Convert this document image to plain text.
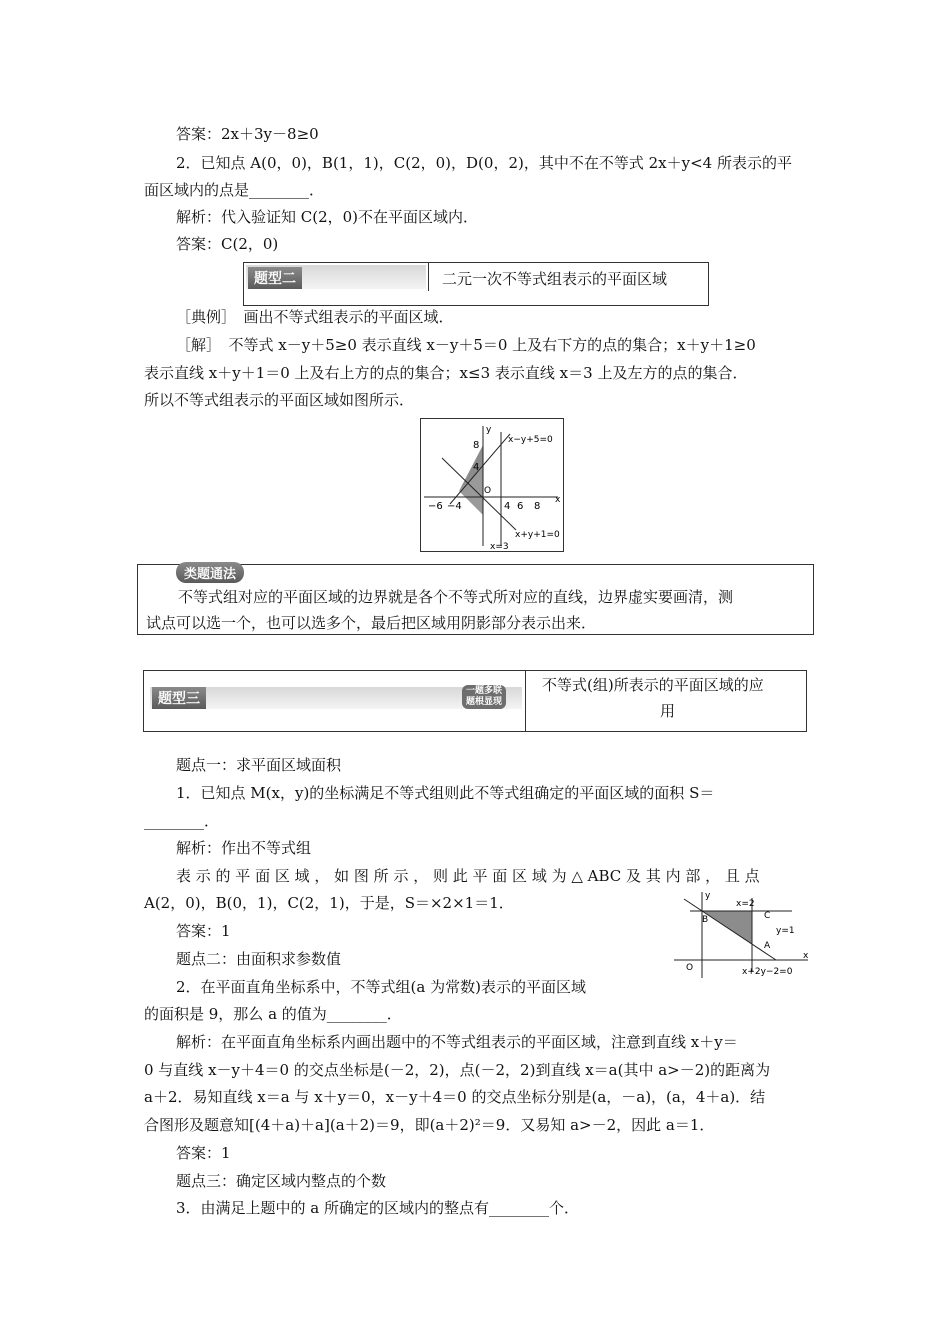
答案：2x＋3y－8≥0
2．已知点 A(0，0)，B(1，1)，C(2，0)，D(0，2)，其中不在不等式 2x＋y<4 所表示的平
面区域内的点是________．
解析：代入验证知 C(2，0)不在平面区域内．
答案：C(2，0)
题型二	二元一次不等式组表示的平面区域
［典例］　画出不等式组表示的平面区域．
［解］　不等式 x－y＋5≥0 表示直线 x－y＋5＝0 上及右下方的点的集合；x＋y＋1≥0
表示直线 x＋y＋1＝0 上及右上方的点的集合；x≤3 表示直线 x＝3 上及左方的点的集合．
所以不等式组表示的平面区域如图所示．
y
x
O
8
4
−6 −4	4 6 8
x−y+5=0
x+y+1=0
x=3
类题通法
不等式组对应的平面区域的边界就是各个不等式所对应的直线，边界虚实要画清，测
试点可以选一个，也可以选多个，最后把区域用阴影部分表示出来．
题型三	一题多联
题根显现
不等式(组)所表示的平面区域的应
用
题点一：求平面区域面积
1．已知点 M(x，y)的坐标满足不等式组则此不等式组确定的平面区域的面积 S＝
________．
解析：作出不等式组
表 示 的 平 面 区 域 ， 如 图 所 示 ， 则 此 平 面 区 域 为 △ ABC 及 其 内 部 ， 且 点
A(2，0)，B(0，1)，C(2，1)，于是，S＝×2×1＝1．
答案：1
题点二：由面积求参数值
2．在平面直角坐标系中，不等式组(a 为常数)表示的平面区域
的面积是 9，那么 a 的值为________．
解析：在平面直角坐标系内画出题中的不等式组表示的平面区域，注意到直线 x＋y＝
0 与直线 x－y＋4＝0 的交点坐标是(－2，2)，点(－2，2)到直线 x＝a(其中 a>－2)的距离为
a＋2．易知直线 x＝a 与 x＋y＝0，x－y＋4＝0 的交点坐标分别是(a，－a)，(a，4＋a)．结
合图形及题意知[(4＋a)＋a](a＋2)＝9，即(a＋2)²＝9．又易知 a>－2，因此 a＝1．
答案：1
题点三：确定区域内整点的个数
3．由满足上题中的 a 所确定的区域内的整点有________个．
y
x
O
B	C
A
x=2
y=1
x+2y−2=0
